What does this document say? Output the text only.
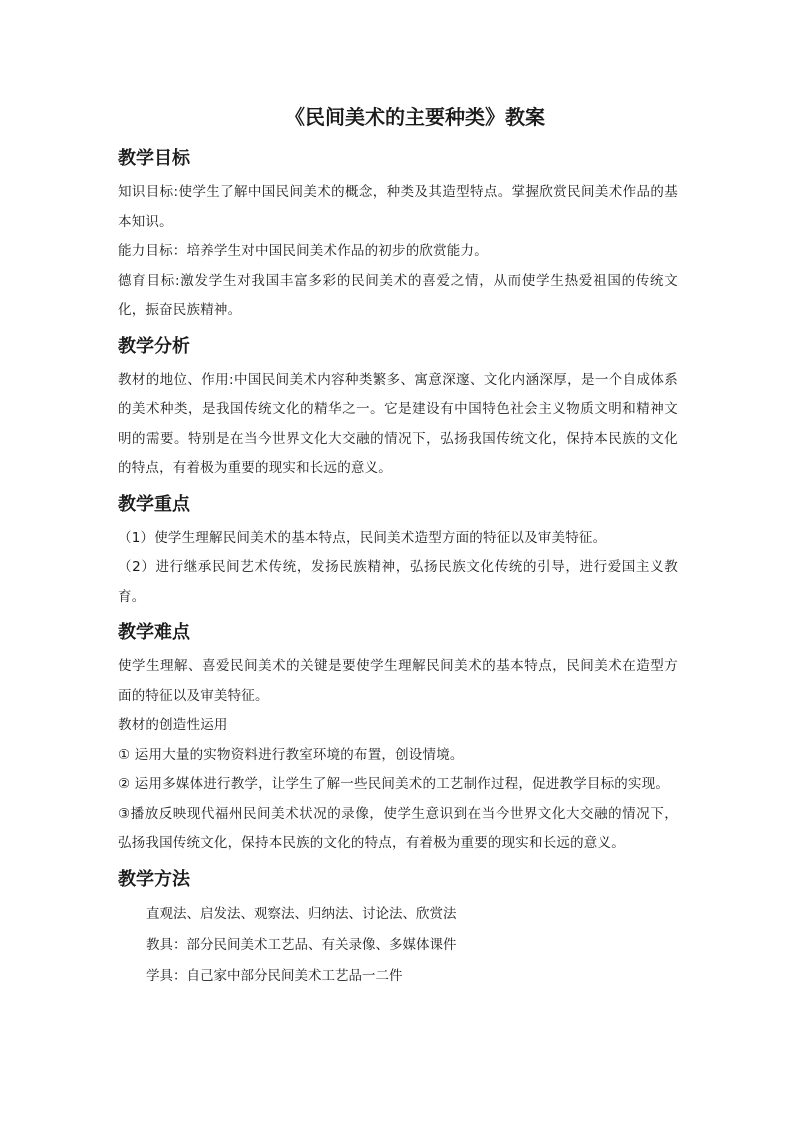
《民间美术的主要种类》教案
教学目标

知识目标:使学生了解中国民间美术的概念，种类及其造型特点。掌握欣赏民间美术作品的基本知识。

能力目标：培养学生对中国民间美术作品的初步的欣赏能力。

德育目标:激发学生对我国丰富多彩的民间美术的喜爱之情，从而使学生热爱祖国的传统文化，振奋民族精神。

教学分析

教材的地位、作用:中国民间美术内容种类繁多、寓意深邃、文化内涵深厚，是一个自成体系的美术种类，是我国传统文化的精华之一。它是建设有中国特色社会主义物质文明和精神文明的需要。特别是在当今世界文化大交融的情况下，弘扬我国传统文化，保持本民族的文化的特点，有着极为重要的现实和长远的意义。

教学重点

（1）使学生理解民间美术的基本特点，民间美术造型方面的特征以及审美特征。

（2）进行继承民间艺术传统，发扬民族精神，弘扬民族文化传统的引导，进行爱国主义教育。

教学难点

使学生理解、喜爱民间美术的关键是要使学生理解民间美术的基本特点，民间美术在造型方面的特征以及审美特征。

教材的创造性运用

① 运用大量的实物资料进行教室环境的布置，创设情境。

② 运用多媒体进行教学，让学生了解一些民间美术的工艺制作过程，促进教学目标的实现。

③播放反映现代福州民间美术状况的录像，使学生意识到在当今世界文化大交融的情况下，弘扬我国传统文化，保持本民族的文化的特点，有着极为重要的现实和长远的意义。

教学方法

直观法、启发法、观察法、归纳法、讨论法、欣赏法

教具：部分民间美术工艺品、有关录像、多媒体课件

学具：自己家中部分民间美术工艺品一二件
